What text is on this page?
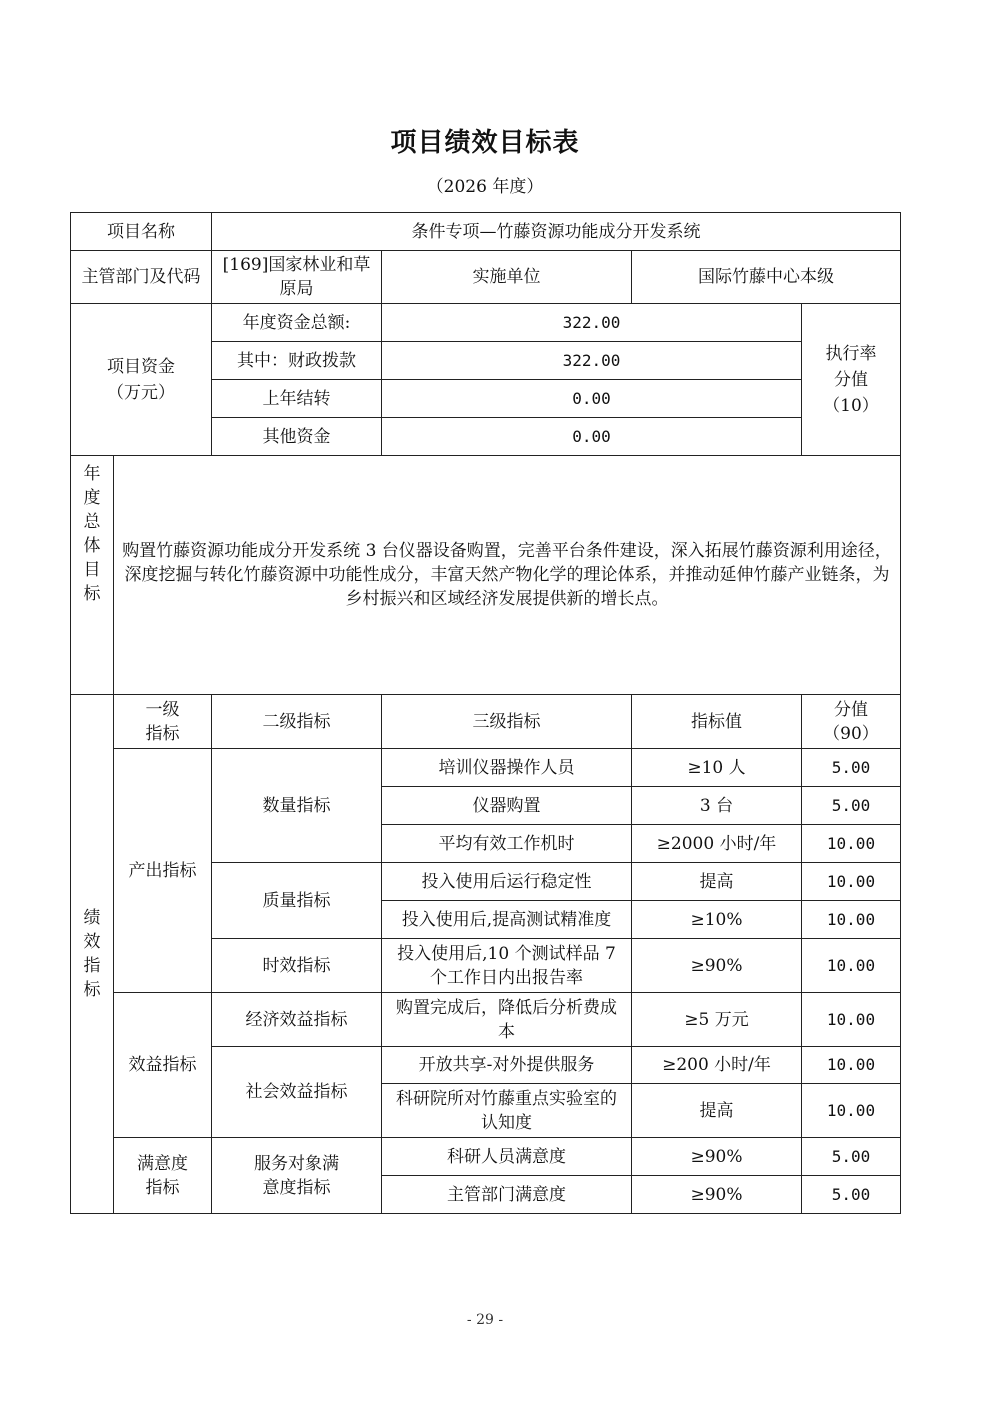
项目绩效目标表
（2026 年度）
项目名称		条件专项—竹藤资源功能成分开发系统			
主管部门及代码		[169]国家林业和草原局	实施单位	国际竹藤中心本级	
项目资金（万元）		年度资金总额:	322.00		执行率分值（10）
		其中：财政拨款	322.00		
		上年结转	0.00		
		其他资金	0.00		
年度总体目标	购置竹藤资源功能成分开发系统 3 台仪器设备购置，完善平台条件建设，深入拓展竹藤资源利用途径，深度挖掘与转化竹藤资源中功能性成分，丰富天然产物化学的理论体系，并推动延伸竹藤产业链条，为乡村振兴和区域经济发展提供新的增长点。				
绩效指标	一级指标	二级指标	三级指标	指标值	分值（90）
	产出指标	数量指标	培训仪器操作人员	≥10 人	5.00
			仪器购置	3 台	5.00
			平均有效工作机时	≥2000 小时/年	10.00
		质量指标	投入使用后运行稳定性	提高	10.00
			投入使用后,提高测试精准度	≥10%	10.00
		时效指标	投入使用后,10 个测试样品 7 个工作日内出报告率	≥90%	10.00
	效益指标	经济效益指标	购置完成后，降低后分析费成本	≥5 万元	10.00
		社会效益指标	开放共享-对外提供服务	≥200 小时/年	10.00
			科研院所对竹藤重点实验室的认知度	提高	10.00
	满意度指标	服务对象满意度指标	科研人员满意度	≥90%	5.00
			主管部门满意度	≥90%	5.00
- 29 -
